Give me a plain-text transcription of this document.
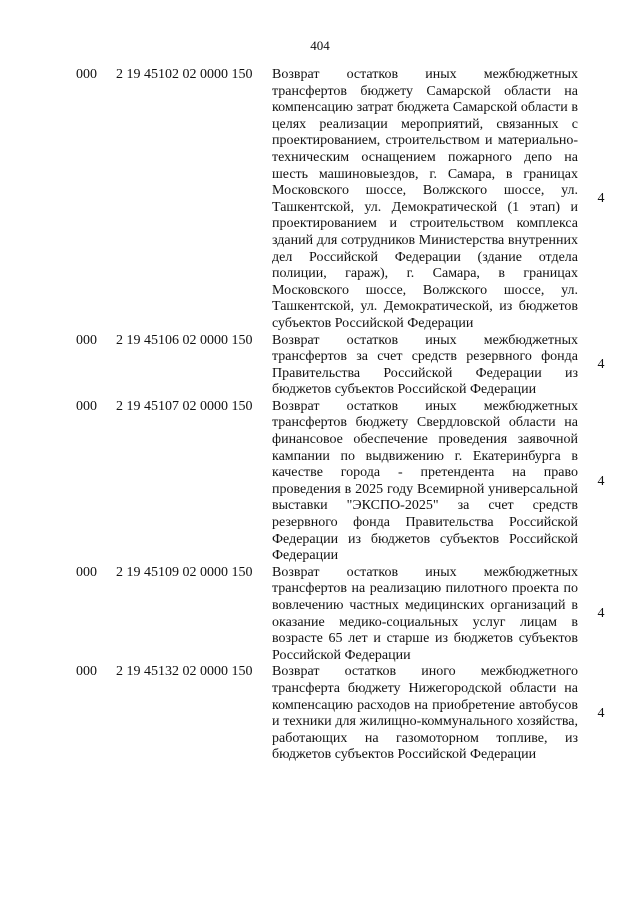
404
000	2 19 45102 02 0000 150	Возврат остатков иных межбюджетных трансфертов бюджету Самарской области на компенсацию затрат бюджета Самарской области в целях реализации мероприятий, связанных с проектированием, строительством и материально-техническим оснащением пожарного депо на шесть машиновыездов, г. Самара, в границах Московского шоссе, Волжского шоссе, ул. Ташкентской, ул. Демократической (1 этап) и проектированием и строительством комплекса зданий для сотрудников Министерства внутренних дел Российской Федерации (здание отдела полиции, гараж), г. Самара, в границах Московского шоссе, Волжского шоссе, ул. Ташкентской, ул. Демократической, из бюджетов субъектов Российской Федерации	4
000	2 19 45106 02 0000 150	Возврат остатков иных межбюджетных трансфертов за счет средств резервного фонда Правительства Российской Федерации из бюджетов субъектов Российской Федерации	4
000	2 19 45107 02 0000 150	Возврат остатков иных межбюджетных трансфертов бюджету Свердловской области на финансовое обеспечение проведения заявочной кампании по выдвижению г. Екатеринбурга в качестве города - претендента на право проведения в 2025 году Всемирной универсальной выставки "ЭКСПО-2025" за счет средств резервного фонда Правительства Российской Федерации из бюджетов субъектов Российской Федерации	4
000	2 19 45109 02 0000 150	Возврат остатков иных межбюджетных трансфертов на реализацию пилотного проекта по вовлечению частных медицинских организаций в оказание медико-социальных услуг лицам в возрасте 65 лет и старше из бюджетов субъектов Российской Федерации	4
000	2 19 45132 02 0000 150	Возврат остатков иного межбюджетного трансферта бюджету Нижегородской области на компенсацию расходов на приобретение автобусов и техники для жилищно-коммунального хозяйства, работающих на газомоторном топливе, из бюджетов субъектов Российской Федерации	4
